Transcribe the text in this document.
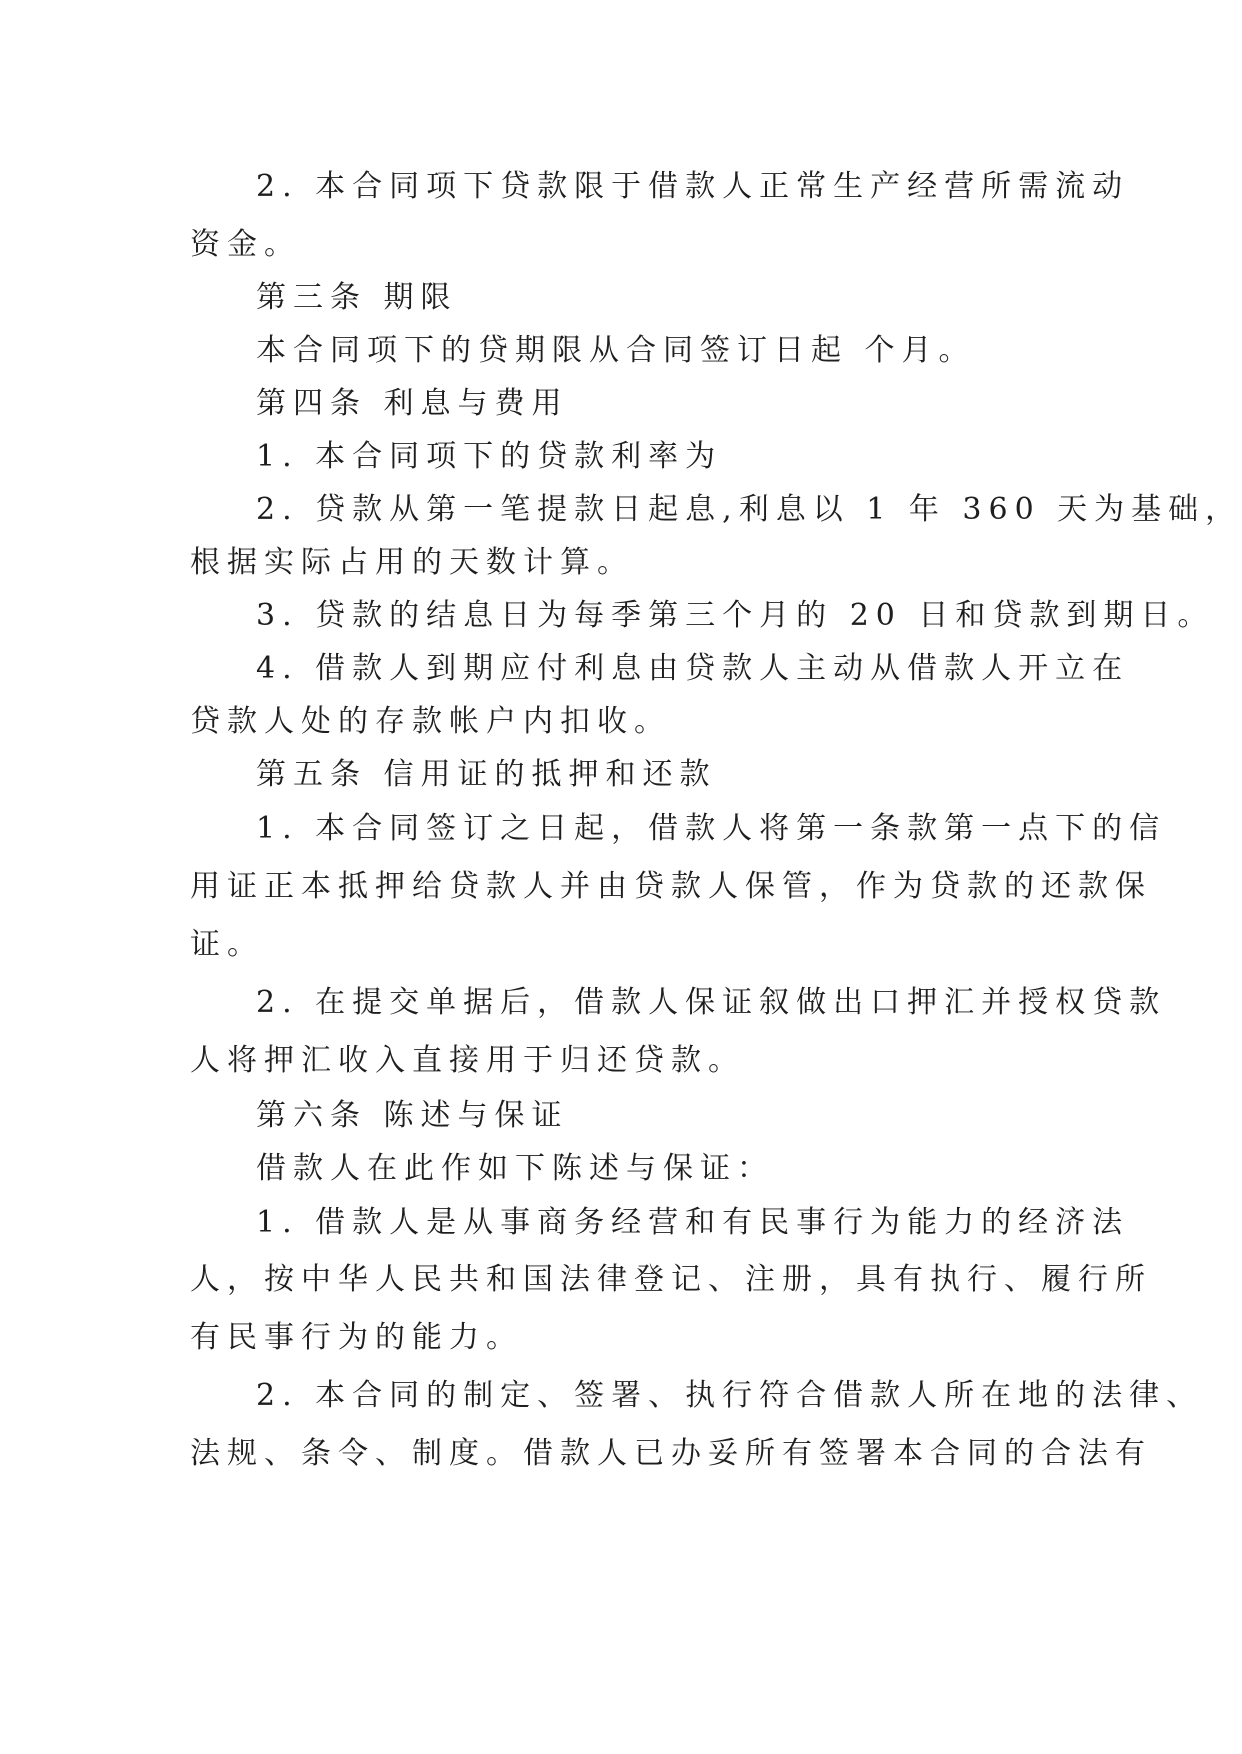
2. 本合同项下贷款限于借款人正常生产经营所需流动
资金。
第三条 期限
本合同项下的贷期限从合同签订日起 个月。
第四条 利息与费用
1. 本合同项下的贷款利率为
2. 贷款从第一笔提款日起息,利息以 1 年 360 天为基础，
根据实际占用的天数计算。
3. 贷款的结息日为每季第三个月的 20 日和贷款到期日。
4. 借款人到期应付利息由贷款人主动从借款人开立在
贷款人处的存款帐户内扣收。
第五条 信用证的抵押和还款
1. 本合同签订之日起，借款人将第一条款第一点下的信
用证正本抵押给贷款人并由贷款人保管，作为贷款的还款保
证。
2. 在提交单据后，借款人保证叙做出口押汇并授权贷款
人将押汇收入直接用于归还贷款。
第六条 陈述与保证
借款人在此作如下陈述与保证：
1. 借款人是从事商务经营和有民事行为能力的经济法
人，按中华人民共和国法律登记、注册，具有执行、履行所
有民事行为的能力。
2. 本合同的制定、签署、执行符合借款人所在地的法律、
法规、条令、制度。借款人已办妥所有签署本合同的合法有
